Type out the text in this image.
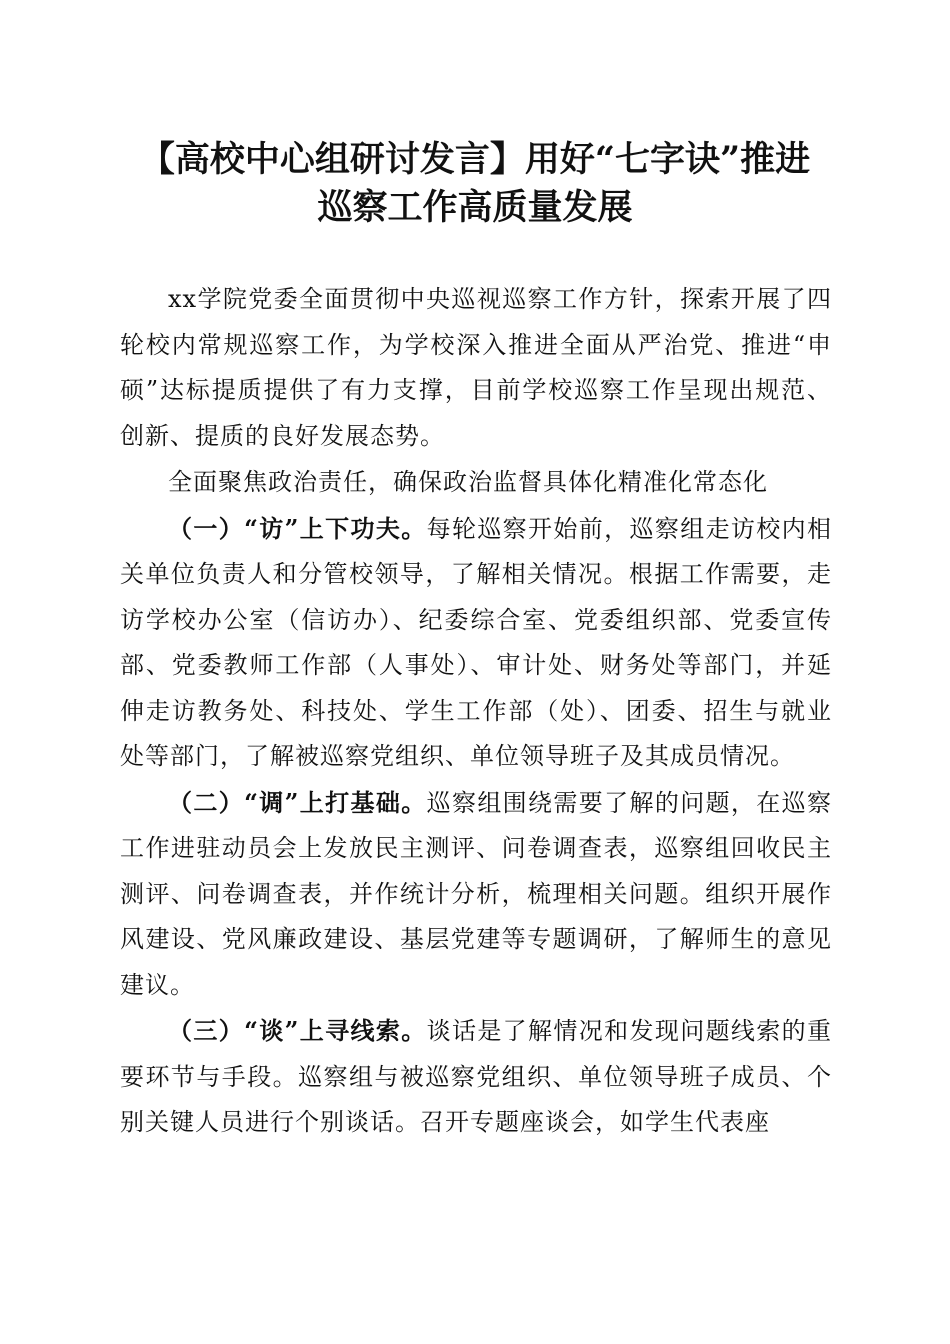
【高校中心组研讨发言】用好“七字诀”推进
巡察工作高质量发展

xx学院党委全面贯彻中央巡视巡察工作方针，探索开展了四轮校内常规巡察工作，为学校深入推进全面从严治党、推进“申硕”达标提质提供了有力支撑，目前学校巡察工作呈现出规范、创新、提质的良好发展态势。

全面聚焦政治责任，确保政治监督具体化精准化常态化

（一）“访”上下功夫。每轮巡察开始前，巡察组走访校内相关单位负责人和分管校领导，了解相关情况。根据工作需要，走访学校办公室（信访办）、纪委综合室、党委组织部、党委宣传部、党委教师工作部（人事处）、审计处、财务处等部门，并延伸走访教务处、科技处、学生工作部（处）、团委、招生与就业处等部门，了解被巡察党组织、单位领导班子及其成员情况。

（二）“调”上打基础。巡察组围绕需要了解的问题，在巡察工作进驻动员会上发放民主测评、问卷调查表，巡察组回收民主测评、问卷调查表，并作统计分析，梳理相关问题。组织开展作风建设、党风廉政建设、基层党建等专题调研，了解师生的意见建议。

（三）“谈”上寻线索。谈话是了解情况和发现问题线索的重要环节与手段。巡察组与被巡察党组织、单位领导班子成员、个别关键人员进行个别谈话。召开专题座谈会，如学生代表座
